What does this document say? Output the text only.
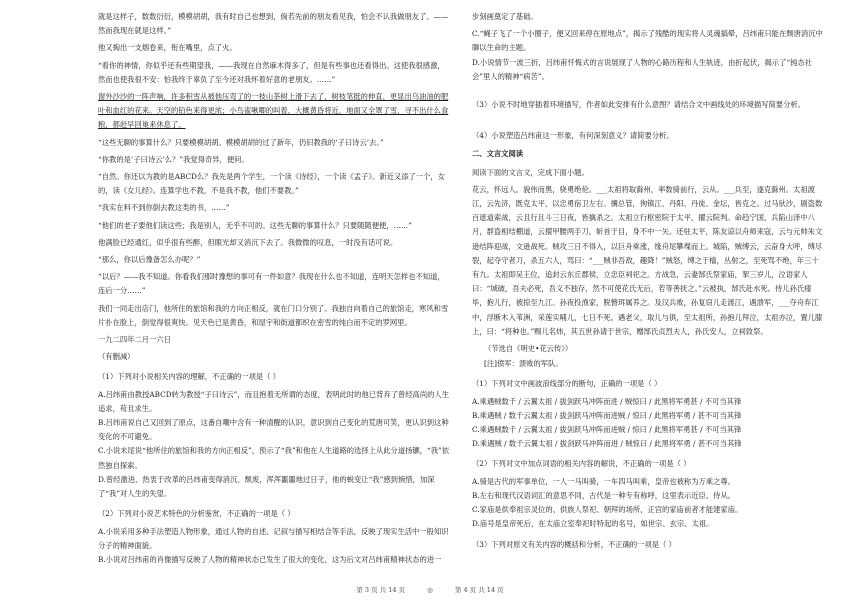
就是这样子，数数衍衍，模模胡胡，我有时自己也想到，倘若先前的朋友看见我，怕会不认我做朋友了。——然而我现在就是这样。”

他又掏出一支烟卷来，衔在嘴里，点了火。

“看你的神情，你似乎还有些期望我，——我现在自然麻木得多了，但是有些事也还看得出。这使我很感激，然而也使我很不安：怕我终于辜负了至今还对我怀着好意的老朋友。……”

窗外沙沙的一阵声响，许多积雪从被他压弯了的一枝山茶树上滑下去了，树枝笔挺的伸直，更显出乌油油的肥叶和血红的花来。天空的铅色来得更浓；小鸟雀啾唧的叫着，大概黄昏将近，地面又全罩了雪，寻不出什么食粮，都赶早回巢来休息了。

“这些无聊的事算什么？只要模模胡胡。模模胡胡的过了新年，仍旧教我的‘子曰诗云’去。”

“你教的是‘子曰诗云’么？”我觉得奇异，便问。

“自然。你还以为教的是ABCD么？我先是两个学生，一个读《诗经》，一个读《孟子》。新近又添了一个，女的，读《女儿经》。连算学也不教，不是我不教，他们不要教。”

“我实在料不到你倒去教这类的书，……”

“他们的老子要他们读这些；我是别人，无乎不可的。这些无聊的事算什么？只要随随便便，……”

他满脸已经通红，似乎很有些醉，但眼光却又消沉下去了。我微微的叹息，一时没有话可说。

“那么，你以后豫备怎么办呢？”

“以后？——我不知道。你看我们那时豫想的事可有一件如意？我现在什么也不知道，连明天怎样也不知道，连后一分……”

我们一同走出店门，他所住的旅馆和我的方向正相反，就在门口分别了。我独自向着自己的旅馆走，寒风和雪片扑在脸上，倒觉得很爽快。见天色已是黄昏，和屋宇和街道都织在密雪的纯白而不定的罗网里。

一九二四年二月一六日

（有删减）

（1）下列对小说相关内容的理解，不正确的一项是（ ）

A.吕纬甫由教授ABCD转为教授“子曰诗云”，而且抱着无所谓的态度，表明此时的他已背弃了曾经高尚的人生追求，苟且求生。

B.吕纬甫说自己又回到了原点，这番自嘲中含有一种清醒的认识，意识到自己变化的荒唐可笑，更认识到这种变化的不可避免。

C.小说末尾说“他所住的旅馆和我的方向正相反”，预示了“我”和他在人生道路的选择上从此分道扬镳，“我”依然独自探索。

D.曾经激进、热衷于改革的吕纬甫变得消沉、颓废，浑浑噩噩地过日子，他的蜕变让“我”感到惋惜，加深了“我”对人生的失望。

（2）下列对小说艺术特色的分析鉴赏，不正确的一项是（ ）

A.小说采用多种手法塑造人物形象，通过人物的自述、记叙与描写相结合等手法，反映了现实生活中一般知识分子的精神面貌。

B.小说对吕纬甫的肖像描写反映了人物的精神状态已发生了很大的变化，这为后文对吕纬甫精神状态的进一

步刻画奠定了基础。

C.“蝇子飞了一个小圈子，便又回来停在原地点”，揭示了残酷的现实将人灵魂搞晕，吕纬甫只能在颓唐消沉中聊以生命的主题。

D.小说情节一波三折，吕纬甫忏悔式的言说展现了人物的心路历程和人生轨迹，由折起伏，揭示了“钝态社会”里人的精神“病苦”。

（3）小说不时地穿插着环境描写，作者如此安排有什么意图？请结合文中画线处的环境描写简要分析。

（4）小说塑造吕纬甫这一形象，有何深刻意义？请简要分析。

二、文言文阅读

阅读下面的文言文，完成下面小题。

花云，怀远人。貌伟而黑，骁勇绝伦。___太祖将取滁州，率数骑前行，云从。___兵至，遂克滁州。太祖渡江，云先济，既克太平，以忠勇宿卫左右。攘总管，徇镇江、丹阳、丹徒、金坛，皆克之。过马驮沙，剧盗数百遮道索战，云且行且斗三日夜，皆擒杀之。太祖立行枢密院于太平，擢云院判。命趋宁国，兵陷山泽中八月，群盗相结棚道，云擐甲腰两手刀，斩首于目，身不中一矢。还驻太平，陈友谅以舟师来寇，云与元帅朱文逊结阵迎战，文逊战死。贼攻三日不得入，以巨舟乘涨，缘舟尾攀堞而上。城陷，贼缚云，云奋身大呼，缚尽裂，起夺守者刀，杀五六人，骂曰：“___贼非吾敌，趣降！”贼怒，缚之于樯，丛射之，至死骂不绝，年三十有九。太祖即吴王位，追封云东丘郡侯，立忠臣祠祀之。方战急，云妻郜氏祭家庙，挈三岁儿，泣语家人曰：“城破，吾夫必死，吾义不独存，然不可使花氏无后，若等善抚之。”云被执，郜氏赴水死。侍儿孙氏瘗毕，抱儿行，被掠至九江。孙夜投渔家，脱簪珥属养之。及汉兵败，孙复窃儿走渡江，遇溃军，___夺舟弃江中，浮断木入苇洲，采莲实哺儿，七日不死。遇老父，取儿与俱，至太祖所，孙抱儿拜泣，太祖亦泣，置儿膝上，曰：“将种也。”赐儿名炜，其五世孙请于世宗，赠郜氏贞烈夫人，孙氏安人，立祠致祭。

（节选自《明史•花云传》）

[注]偾军：溃败的军队。

（1）下列对文中画波浪线部分的断句，正确的一项是（ ）

A.乘遇贼数千 / 云翼太祖 / 拔剑跃马冲阵而进 / 贼惊曰 / 此黑将军勇甚 / 不可当其锋

B.乘遇贼 / 数千云翼太祖 / 拔剑跃马冲阵而进贼 / 惊曰 / 此黑将军勇 / 甚不可当其锋

C.乘遇贼数千 / 云翼太祖 / 拔剑跃马冲阵而进贼 / 惊曰 / 此黑将军勇甚 / 不可当其锋

D.乘遇贼 / 数千云翼太祖 / 拔剑跃马冲阵而进 / 贼惊曰 / 此黑将军勇 / 甚不可当其锋

（2）下列对文中加点词语的相关内容的解说，不正确的一项是（ ）

A.骑是古代的军事单位，一人一马叫骑，一车四马叫乘，皇帝也被称为万乘之尊。

B.左右和现代汉语词汇的意思不同，古代是一种专有称呼，这里表示近臣、侍从。

C.家庙是供奉祖宗灵位的、供族人祭祀、朝拜的场所，正宫的家庙前者才能建家庙。

D.庙号是皇帝死后，在太庙立室奉祀时特起的名号，如世宗、玄宗、太祖。

（3）下列对原文有关内容的概括和分析，不正确的一项是（ ）

第 3 页 共 14 页	◎	第 4 页 共 14 页
